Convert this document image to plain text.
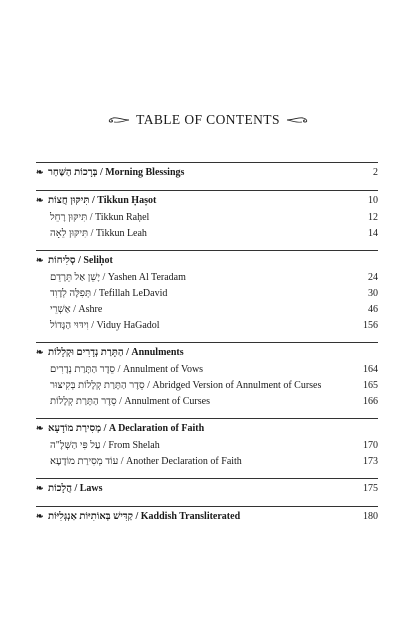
TABLE OF CONTENTS
❧ בְּרָכוֹת הַשַּׁחַר / Morning Blessings	2
❧ תִּיקּוּן חֲצוֹת / Tikkun Ḥaṣot	10
תִּיקּוּן רָחֵל / Tikkun Raḥel	12
תִּיקּוּן לֵאָה / Tikkun Leah	14
❧ סְלִיחוֹת / Seliḥot
יָשֵׁן אַל תֵּרָדֵם / Yashen Al Teradam	24
תְּפִלָּה לְדָוִד / Tefillah LeDavid	30
אַשְׁרֵי / Ashre	46
וִידּוּי הַגָּדוֹל / Viduy HaGadol	156
❧ הַתָּרַת נְדָרִים וּקְלָלוֹת / Annulments
סֵדֶר הַתָּרַת נְדָרִים / Annulment of Vows	164
סֵדֶר הַתָּרַת קְלָלוֹת בְּקִיצּוּר / Abridged Version of Annulment of Curses	165
סֵדֶר הַתָּרַת קְלָלוֹת / Annulment of Curses	166
❧ מְסִירַת מוֹדָעָא / A Declaration of Faith
עַל פִּי הַשְּׁלָ"ה / From Shelah	170
עוֹד מְסִירַת מוֹדָעָא / Another Declaration of Faith	173
❧ הֲלָכוֹת / Laws	175
❧ קַדִּישׁ בְּאוֹתִיּוֹת אַנְגְּלִיּוֹת / Kaddish Transliterated	180
